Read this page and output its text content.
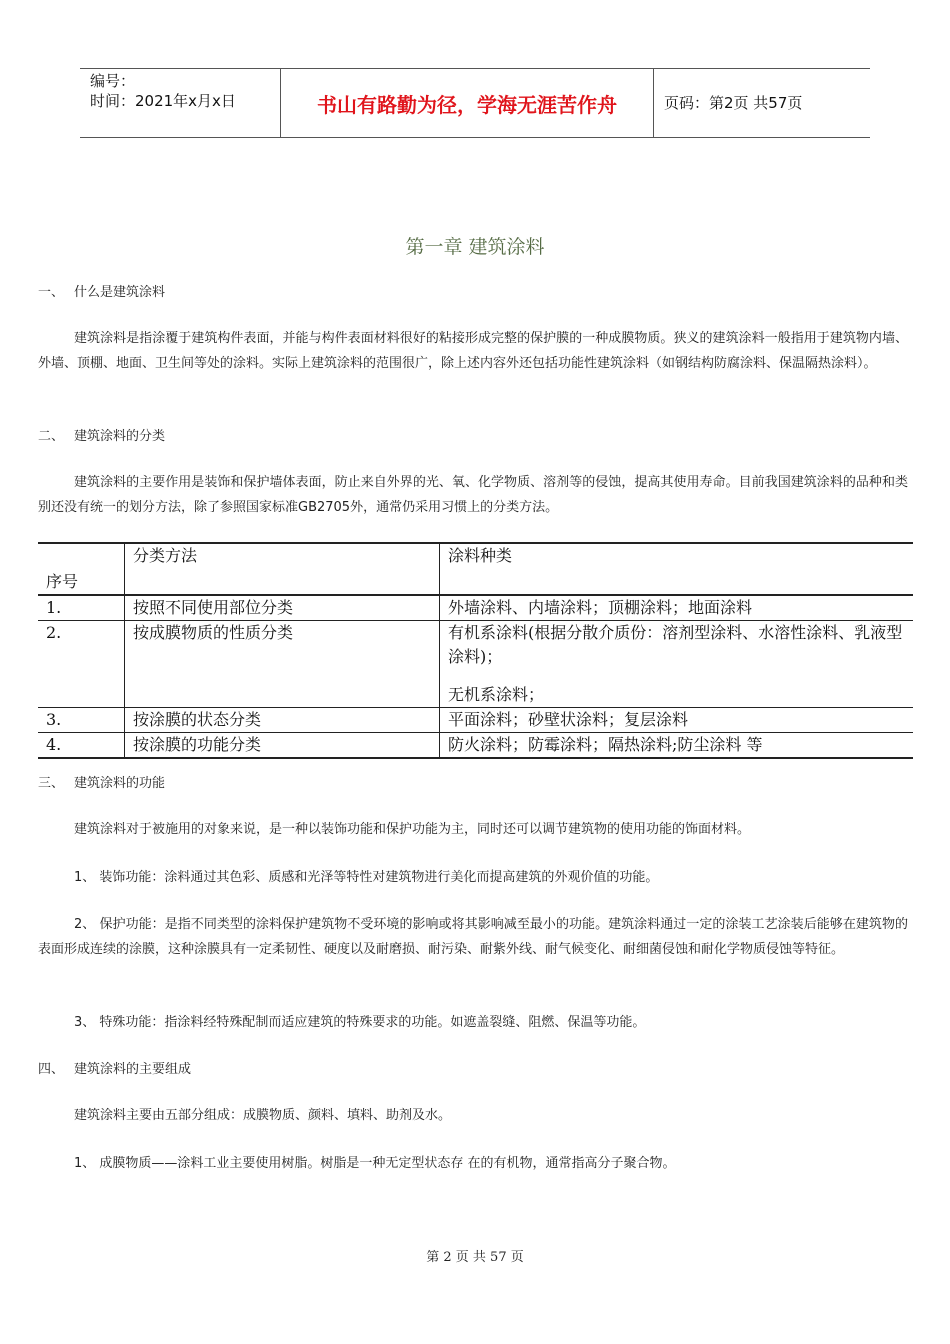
编号：
时间：2021年x月x日	书山有路勤为径，学海无涯苦作舟	页码：第2页 共57页
第一章 建筑涂料
一、 什么是建筑涂料
建筑涂料是指涂覆于建筑构件表面，并能与构件表面材料很好的粘接形成完整的保护膜的一种成膜物质。狭义的建筑涂料一般指用于建筑物内墙、外墙、顶棚、地面、卫生间等处的涂料。实际上建筑涂料的范围很广，除上述内容外还包括功能性建筑涂料（如钢结构防腐涂料、保温隔热涂料）。
二、 建筑涂料的分类
建筑涂料的主要作用是装饰和保护墙体表面，防止来自外界的光、氧、化学物质、溶剂等的侵蚀，提高其使用寿命。目前我国建筑涂料的品种和类别还没有统一的划分方法，除了参照国家标准GB2705外，通常仍采用习惯上的分类方法。
序号	分类方法	涂料种类
1.	按照不同使用部位分类	外墙涂料、内墙涂料；顶棚涂料；地面涂料
2.	按成膜物质的性质分类	有机系涂料(根据分散介质份：溶剂型涂料、水溶性涂料、乳液型涂料)；
无机系涂料；
3.	按涂膜的状态分类	平面涂料；砂壁状涂料；复层涂料
4.	按涂膜的功能分类	防火涂料；防霉涂料；隔热涂料;防尘涂料 等
三、 建筑涂料的功能
建筑涂料对于被施用的对象来说，是一种以装饰功能和保护功能为主，同时还可以调节建筑物的使用功能的饰面材料。
1、 装饰功能：涂料通过其色彩、质感和光泽等特性对建筑物进行美化而提高建筑的外观价值的功能。
2、 保护功能：是指不同类型的涂料保护建筑物不受环境的影响或将其影响减至最小的功能。建筑涂料通过一定的涂装工艺涂装后能够在建筑物的表面形成连续的涂膜，这种涂膜具有一定柔韧性、硬度以及耐磨损、耐污染、耐紫外线、耐气候变化、耐细菌侵蚀和耐化学物质侵蚀等特征。
3、 特殊功能：指涂料经特殊配制而适应建筑的特殊要求的功能。如遮盖裂缝、阻燃、保温等功能。
四、 建筑涂料的主要组成
建筑涂料主要由五部分组成：成膜物质、颜料、填料、助剂及水。
1、 成膜物质——涂料工业主要使用树脂。树脂是一种无定型状态存 在的有机物，通常指高分子聚合物。
第 2 页 共 57 页
